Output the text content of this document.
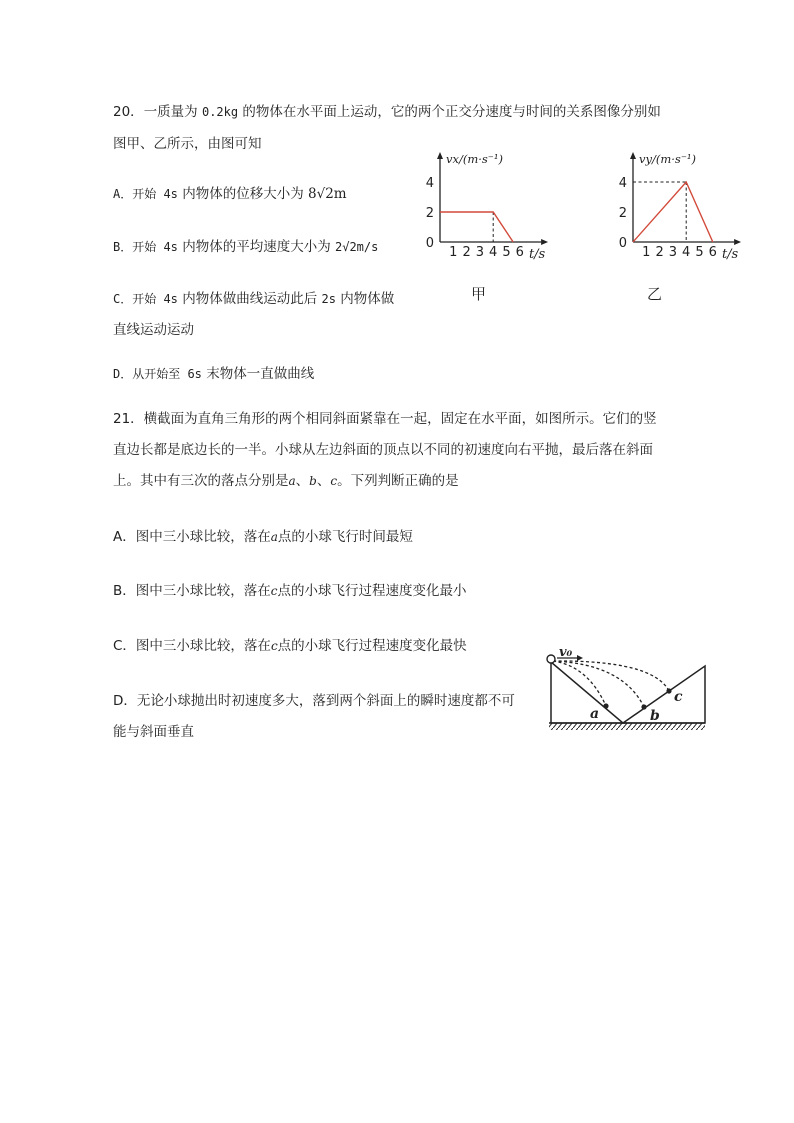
20．一质量为 0.2kg 的物体在水平面上运动，它的两个正交分速度与时间的关系图像分别如
图甲、乙所示，由图可知
A．开始 4s 内物体的位移大小为 8√2m
B．开始 4s 内物体的平均速度大小为 2√2m/s
C．开始 4s 内物体做曲线运动此后 2s 内物体做
直线运动运动
D．从开始至 6s 末物体一直做曲线
1 2 3 4 5 6
0
2
4
vx/(m·s⁻¹)
t/s
甲
1 2 3 4 5 6
0
2
4
vy/(m·s⁻¹)
t/s
乙
21．横截面为直角三角形的两个相同斜面紧靠在一起，固定在水平面，如图所示。它们的竖
直边长都是底边长的一半。小球从左边斜面的顶点以不同的初速度向右平抛，最后落在斜面
上。其中有三次的落点分别是a、b、c。下列判断正确的是
A．图中三小球比较，落在a点的小球飞行时间最短
B．图中三小球比较，落在c点的小球飞行过程速度变化最小
C．图中三小球比较，落在c点的小球飞行过程速度变化最快
D．无论小球抛出时初速度多大，落到两个斜面上的瞬时速度都不可
能与斜面垂直
v₀
a	b
c
